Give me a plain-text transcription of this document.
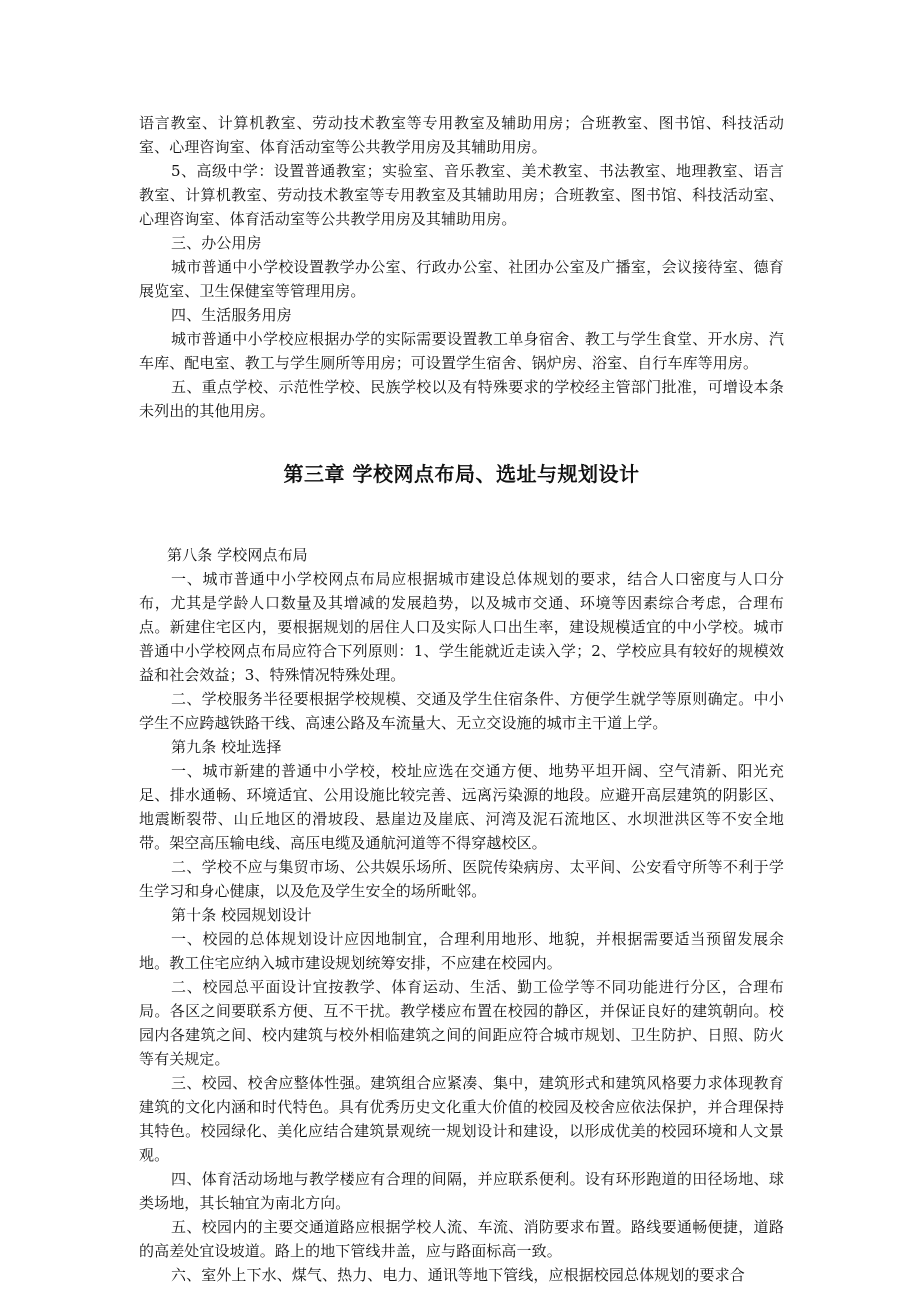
语言教室、计算机教室、劳动技术教室等专用教室及辅助用房；合班教室、图书馆、科技活动室、心理咨询室、体育活动室等公共教学用房及其辅助用房。

5、高级中学：设置普通教室；实验室、音乐教室、美术教室、书法教室、地理教室、语言教室、计算机教室、劳动技术教室等专用教室及其辅助用房；合班教室、图书馆、科技活动室、心理咨询室、体育活动室等公共教学用房及其辅助用房。

三、办公用房

城市普通中小学校设置教学办公室、行政办公室、社团办公室及广播室，会议接待室、德育展览室、卫生保健室等管理用房。

四、生活服务用房

城市普通中小学校应根据办学的实际需要设置教工单身宿舍、教工与学生食堂、开水房、汽车库、配电室、教工与学生厕所等用房；可设置学生宿舍、锅炉房、浴室、自行车库等用房。

五、重点学校、示范性学校、民族学校以及有特殊要求的学校经主管部门批准，可增设本条未列出的其他用房。

第三章 学校网点布局、选址与规划设计

第八条 学校网点布局

一、城市普通中小学校网点布局应根据城市建设总体规划的要求，结合人口密度与人口分布，尤其是学龄人口数量及其增减的发展趋势，以及城市交通、环境等因素综合考虑，合理布点。新建住宅区内，要根据规划的居住人口及实际人口出生率，建设规模适宜的中小学校。城市普通中小学校网点布局应符合下列原则：1、学生能就近走读入学；2、学校应具有较好的规模效益和社会效益；3、特殊情况特殊处理。

二、学校服务半径要根据学校规模、交通及学生住宿条件、方便学生就学等原则确定。中小学生不应跨越铁路干线、高速公路及车流量大、无立交设施的城市主干道上学。

第九条 校址选择

一、城市新建的普通中小学校，校址应选在交通方便、地势平坦开阔、空气清新、阳光充足、排水通畅、环境适宜、公用设施比较完善、远离污染源的地段。应避开高层建筑的阴影区、地震断裂带、山丘地区的滑坡段、悬崖边及崖底、河湾及泥石流地区、水坝泄洪区等不安全地带。架空高压输电线、高压电缆及通航河道等不得穿越校区。

二、学校不应与集贸市场、公共娱乐场所、医院传染病房、太平间、公安看守所等不利于学生学习和身心健康，以及危及学生安全的场所毗邻。

第十条 校园规划设计

一、校园的总体规划设计应因地制宜，合理利用地形、地貌，并根据需要适当预留发展余地。教工住宅应纳入城市建设规划统筹安排，不应建在校园内。

二、校园总平面设计宜按教学、体育运动、生活、勤工俭学等不同功能进行分区，合理布局。各区之间要联系方便、互不干扰。教学楼应布置在校园的静区，并保证良好的建筑朝向。校园内各建筑之间、校内建筑与校外相临建筑之间的间距应符合城市规划、卫生防护、日照、防火等有关规定。

三、校园、校舍应整体性强。建筑组合应紧凑、集中，建筑形式和建筑风格要力求体现教育建筑的文化内涵和时代特色。具有优秀历史文化重大价值的校园及校舍应依法保护，并合理保持其特色。校园绿化、美化应结合建筑景观统一规划设计和建设，以形成优美的校园环境和人文景观。

四、体育活动场地与教学楼应有合理的间隔，并应联系便利。设有环形跑道的田径场地、球类场地，其长轴宜为南北方向。

五、校园内的主要交通道路应根据学校人流、车流、消防要求布置。路线要通畅便捷，道路的高差处宜设坡道。路上的地下管线井盖，应与路面标高一致。

六、室外上下水、煤气、热力、电力、通讯等地下管线，应根据校园总体规划的要求合
